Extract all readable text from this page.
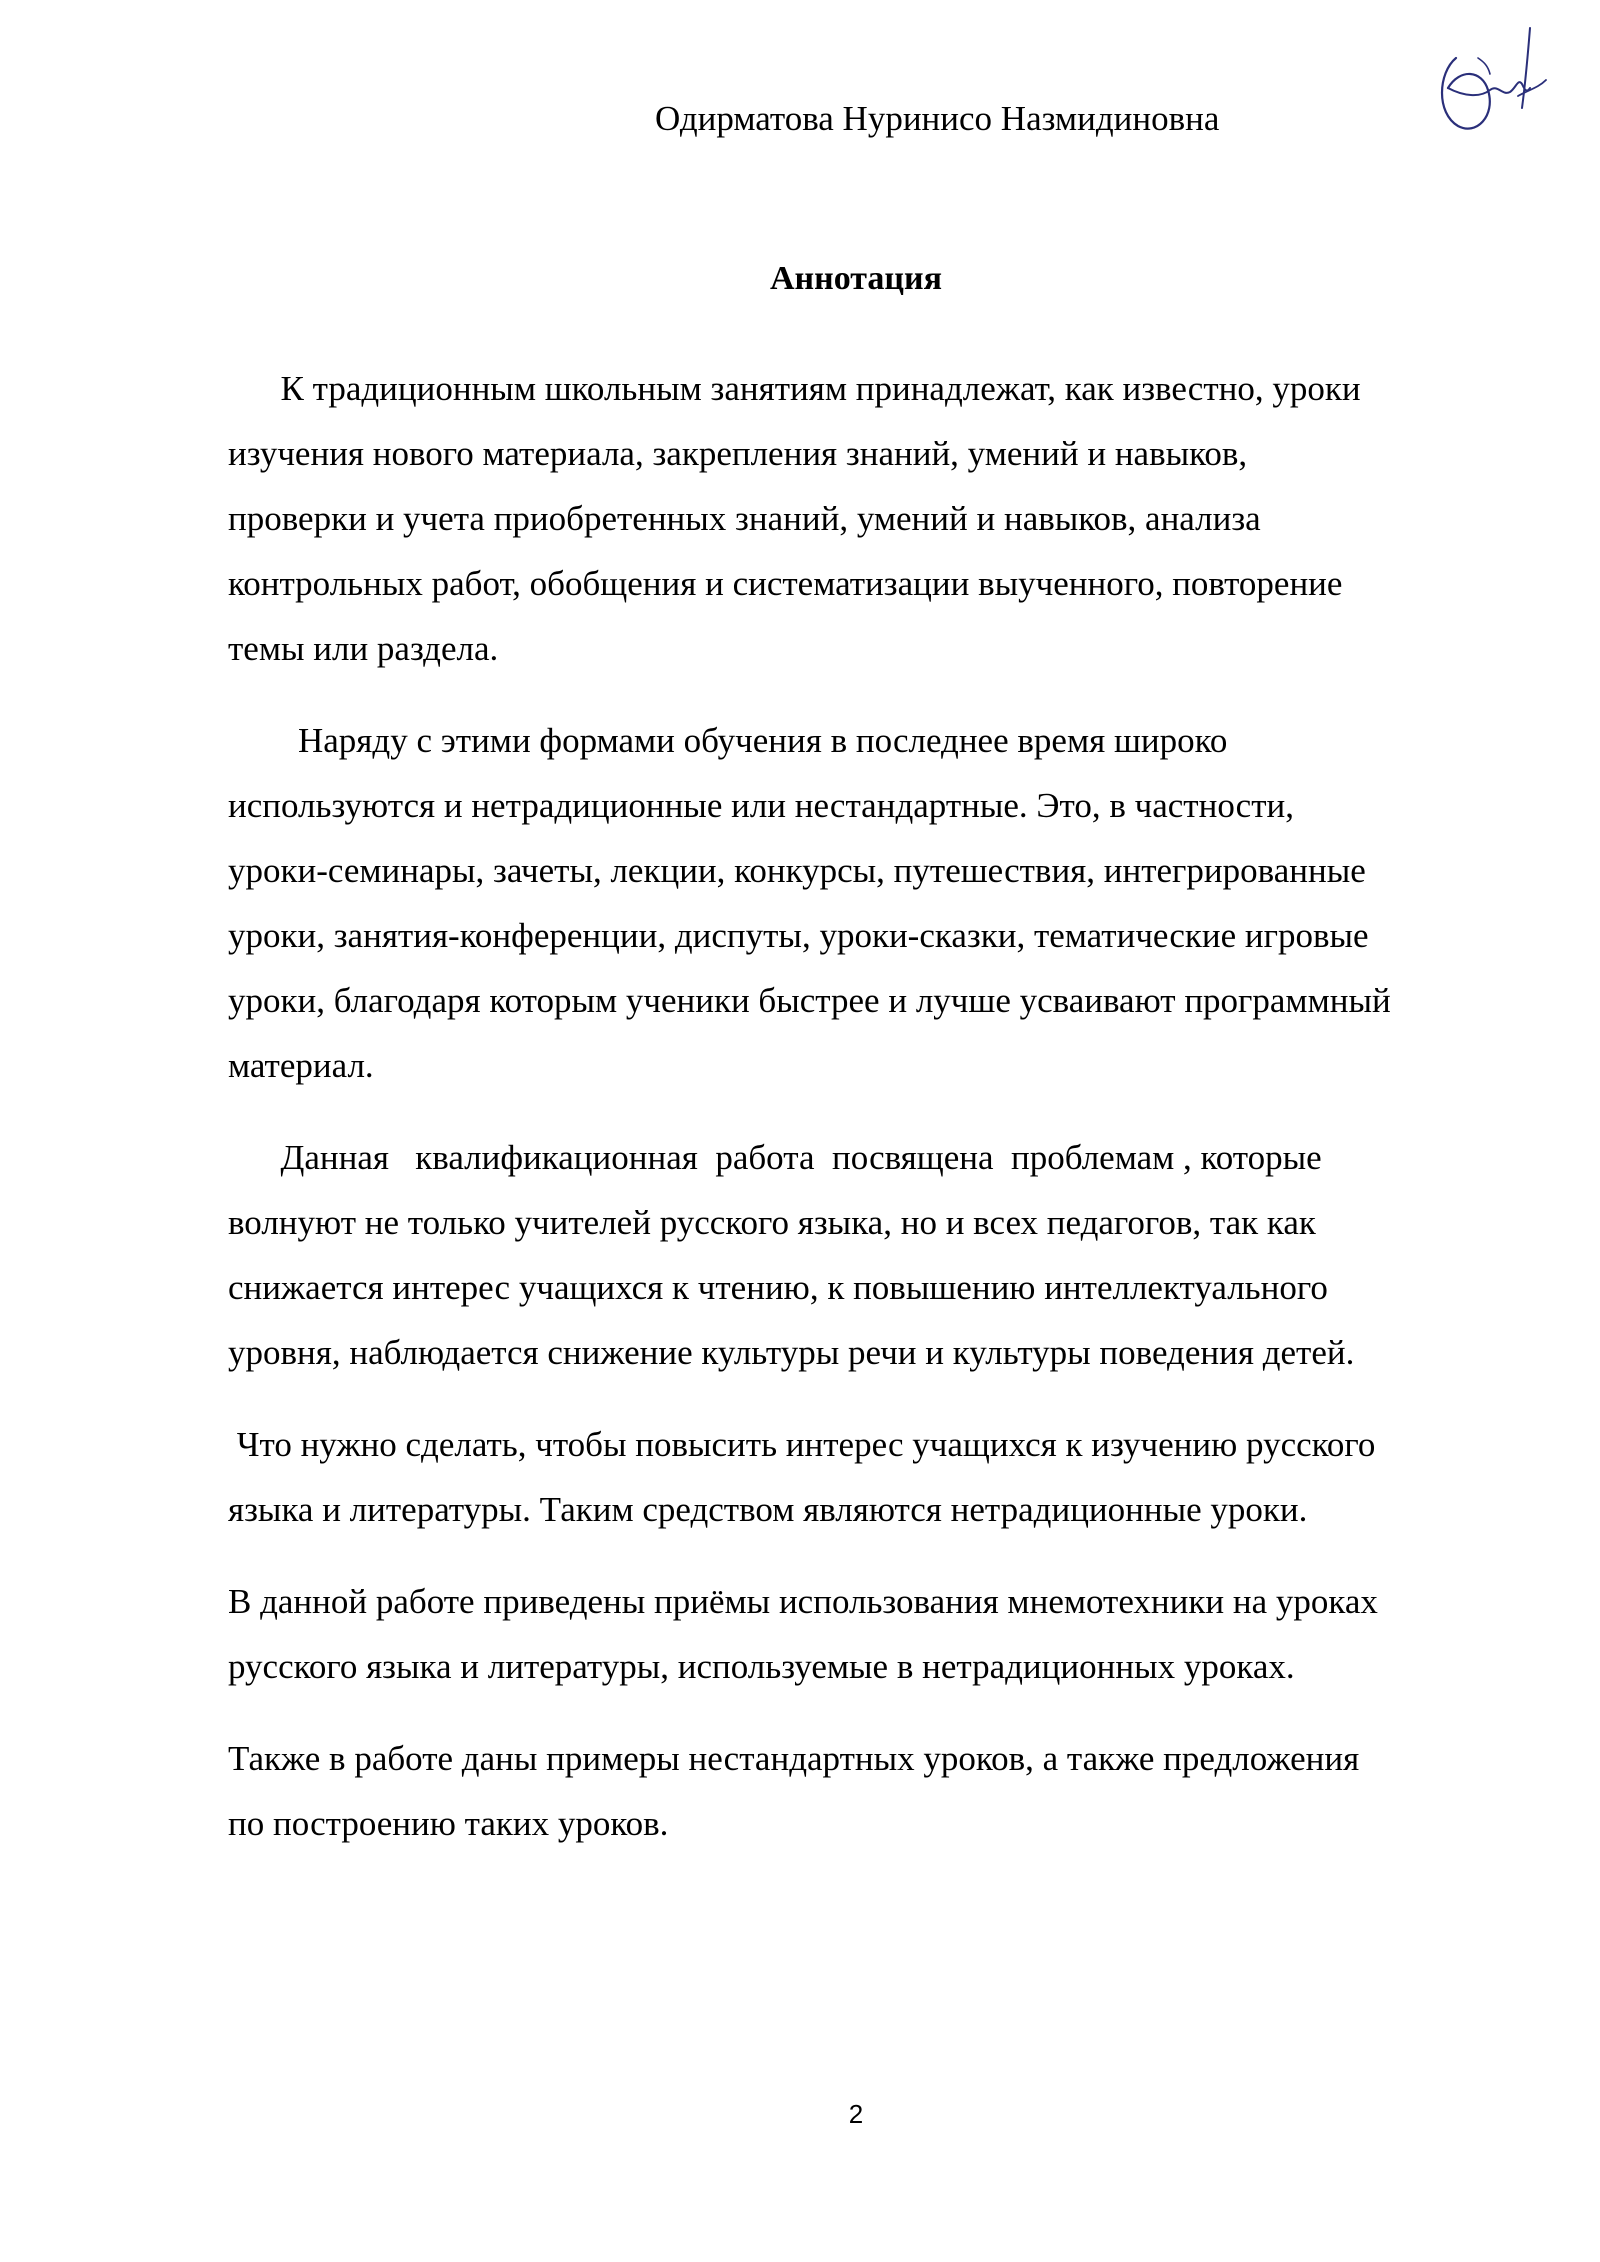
Одирматова Нуринисо Назмидиновна
Аннотация
К традиционным школьным занятиям принадлежат, как известно, уроки
изучения нового материала, закрепления знаний, умений и навыков,
проверки и учета приобретенных знаний, умений и навыков, анализа
контрольных работ, обобщения и систематизации выученного, повторение
темы или раздела.
Наряду с этими формами обучения в последнее время широко
используются и нетрадиционные или нестандартные. Это, в частности,
уроки-семинары, зачеты, лекции, конкурсы, путешествия, интегрированные
уроки, занятия-конференции, диспуты, уроки-сказки, тематические игровые
уроки, благодаря которым ученики быстрее и лучше усваивают программный
материал.
Данная   квалификационная  работа  посвящена  проблемам , которые
волнуют не только учителей русского языка, но и всех педагогов, так как
снижается интерес учащихся к чтению, к повышению интеллектуального
уровня, наблюдается снижение культуры речи и культуры поведения детей.
Что нужно сделать, чтобы повысить интерес учащихся к изучению русского
языка и литературы. Таким средством являются нетрадиционные уроки.
В данной работе приведены приёмы использования мнемотехники на уроках
русского языка и литературы, используемые в нетрадиционных уроках.
Также в работе даны примеры нестандартных уроков, а также предложения
по построению таких уроков.
2
